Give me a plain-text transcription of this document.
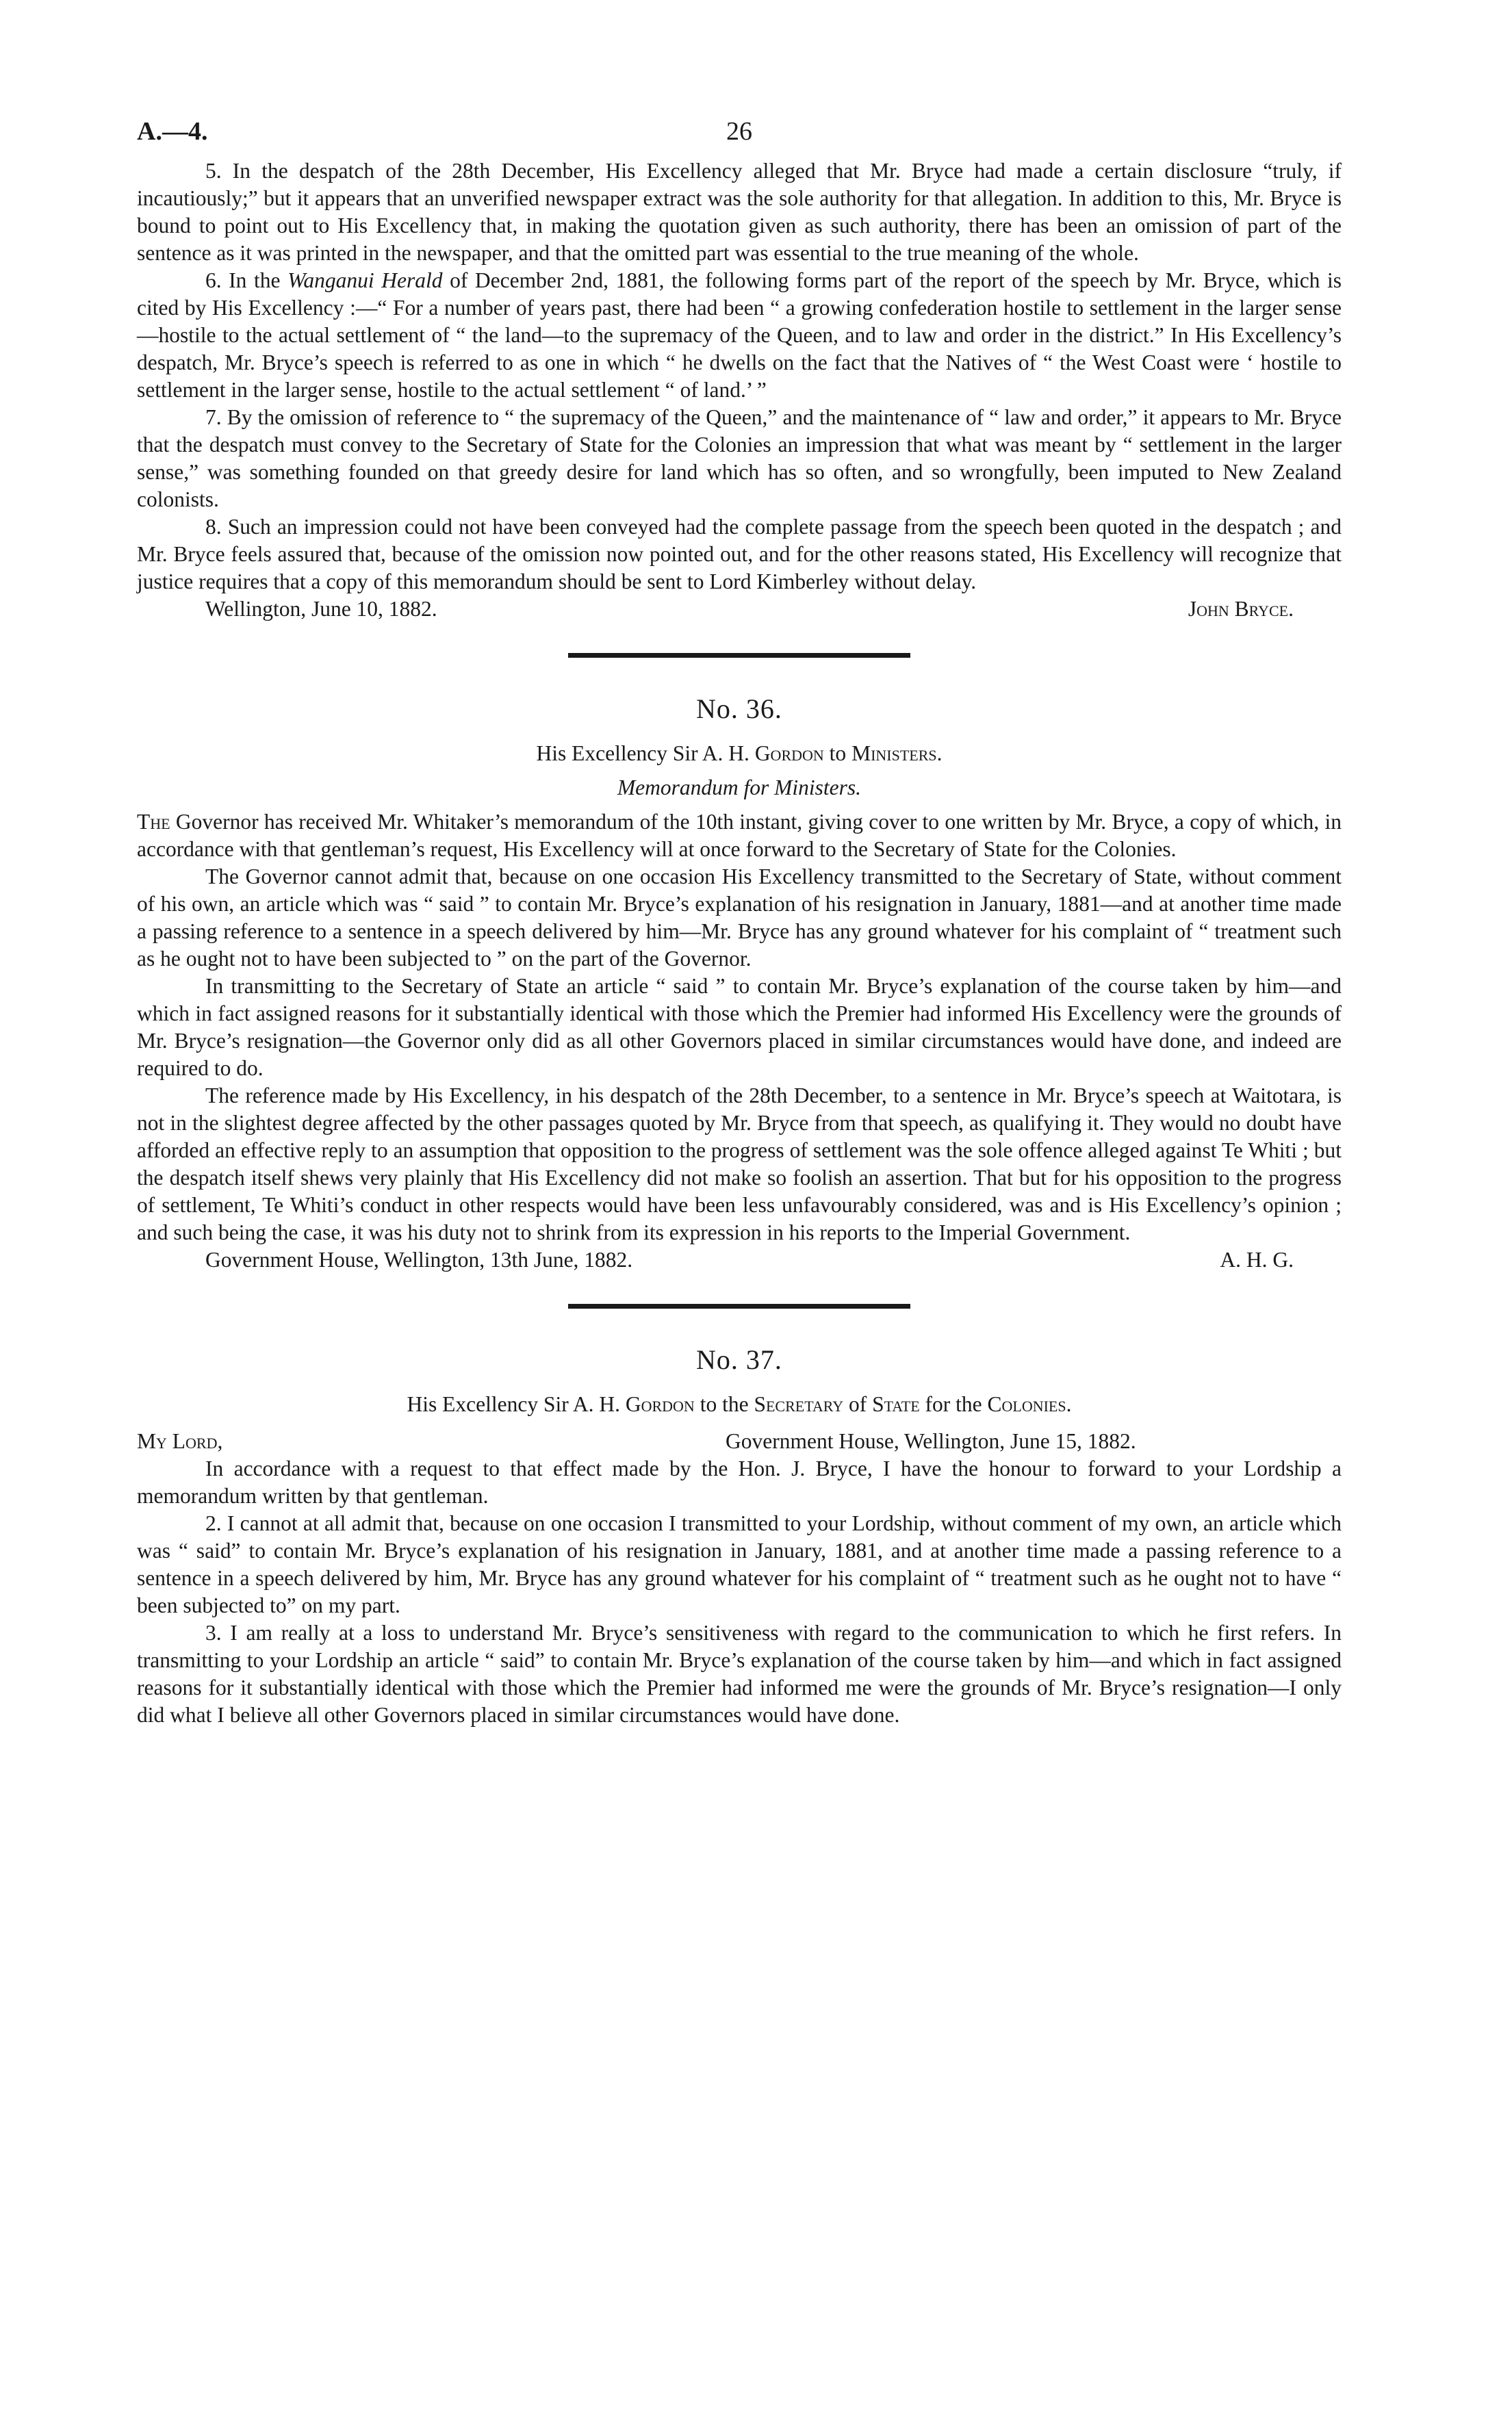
A.—4.	26

5. In the despatch of the 28th December, His Excellency alleged that Mr. Bryce had made a certain disclosure “truly, if incautiously;” but it appears that an unverified newspaper extract was the sole authority for that allegation. In addition to this, Mr. Bryce is bound to point out to His Excellency that, in making the quotation given as such authority, there has been an omission of part of the sentence as it was printed in the newspaper, and that the omitted part was essential to the true meaning of the whole.

6. In the Wanganui Herald of December 2nd, 1881, the following forms part of the report of the speech by Mr. Bryce, which is cited by His Excellency :—“ For a number of years past, there had been “ a growing confederation hostile to settlement in the larger sense—hostile to the actual settlement of “ the land—to the supremacy of the Queen, and to law and order in the district.” In His Excellency’s despatch, Mr. Bryce’s speech is referred to as one in which “ he dwells on the fact that the Natives of “ the West Coast were ‘ hostile to settlement in the larger sense, hostile to the actual settlement “ of land.’ ”

7. By the omission of reference to “ the supremacy of the Queen,” and the maintenance of “ law and order,” it appears to Mr. Bryce that the despatch must convey to the Secretary of State for the Colonies an impression that what was meant by “ settlement in the larger sense,” was something founded on that greedy desire for land which has so often, and so wrongfully, been imputed to New Zealand colonists.

8. Such an impression could not have been conveyed had the complete passage from the speech been quoted in the despatch ; and Mr. Bryce feels assured that, because of the omission now pointed out, and for the other reasons stated, His Excellency will recognize that justice requires that a copy of this memorandum should be sent to Lord Kimberley without delay.

Wellington, June 10, 1882.	John Bryce.
No. 36.
His Excellency Sir A. H. Gordon to Ministers.
Memorandum for Ministers.

The Governor has received Mr. Whitaker’s memorandum of the 10th instant, giving cover to one written by Mr. Bryce, a copy of which, in accordance with that gentleman’s request, His Excellency will at once forward to the Secretary of State for the Colonies.

The Governor cannot admit that, because on one occasion His Excellency transmitted to the Secretary of State, without comment of his own, an article which was “ said ” to contain Mr. Bryce’s explanation of his resignation in January, 1881—and at another time made a passing reference to a sentence in a speech delivered by him—Mr. Bryce has any ground whatever for his complaint of “ treatment such as he ought not to have been subjected to ” on the part of the Governor.

In transmitting to the Secretary of State an article “ said ” to contain Mr. Bryce’s explanation of the course taken by him—and which in fact assigned reasons for it substantially identical with those which the Premier had informed His Excellency were the grounds of Mr. Bryce’s resignation—the Governor only did as all other Governors placed in similar circumstances would have done, and indeed are required to do.

The reference made by His Excellency, in his despatch of the 28th December, to a sentence in Mr. Bryce’s speech at Waitotara, is not in the slightest degree affected by the other passages quoted by Mr. Bryce from that speech, as qualifying it. They would no doubt have afforded an effective reply to an assumption that opposition to the progress of settlement was the sole offence alleged against Te Whiti ; but the despatch itself shews very plainly that His Excellency did not make so foolish an assertion. That but for his opposition to the progress of settlement, Te Whiti’s conduct in other respects would have been less unfavourably considered, was and is His Excellency’s opinion ; and such being the case, it was his duty not to shrink from its expression in his reports to the Imperial Government.

Government House, Wellington, 13th June, 1882.	A. H. G.
No. 37.
His Excellency Sir A. H. Gordon to the Secretary of State for the Colonies.
My Lord,	Government House, Wellington, June 15, 1882.

In accordance with a request to that effect made by the Hon. J. Bryce, I have the honour to forward to your Lordship a memorandum written by that gentleman.

2. I cannot at all admit that, because on one occasion I transmitted to your Lordship, without comment of my own, an article which was “ said” to contain Mr. Bryce’s explanation of his resignation in January, 1881, and at another time made a passing reference to a sentence in a speech delivered by him, Mr. Bryce has any ground whatever for his complaint of “ treatment such as he ought not to have “ been subjected to” on my part.

3. I am really at a loss to understand Mr. Bryce’s sensitiveness with regard to the communication to which he first refers. In transmitting to your Lordship an article “ said” to contain Mr. Bryce’s explanation of the course taken by him—and which in fact assigned reasons for it substantially identical with those which the Premier had informed me were the grounds of Mr. Bryce’s resignation—I only did what I believe all other Governors placed in similar circumstances would have done.
